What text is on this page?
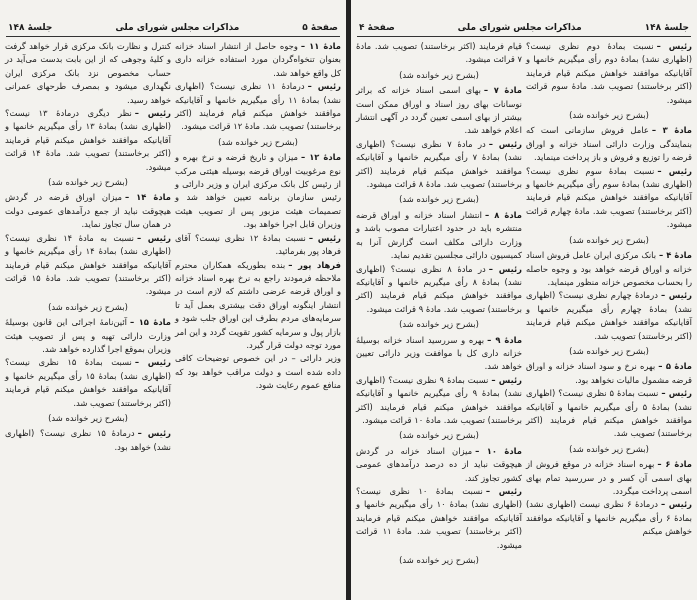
صفحهٔ ۵
مذاکرات مجلس شورای ملی
جلسهٔ ۱۴۸

مادهٔ ۱۱ –وجوه حاصل از انتشار اسناد خزانه بعنوان تنخواه‌گردان مورد استفاده خزانه داری کل واقع خواهد شد.

رئیس –درمادهٔ ۱۱ نظری نیست؟ (اظهاری نشد) بمادهٔ ۱۱ رأی میگیریم خانمها و آقایانیکه موافقند خواهش میکنم قیام فرمایند (اکثر برخاستند) تصویب شد. مادهٔ ۱۲ قرائت میشود.

(بشرح زیر خوانده شد)

مادهٔ ۱۲ –میزان و تاریخ قرضه و نرخ بهره و نوع مرغوبیت اوراق قرضه بوسیله هیئتی مرکب از رئیس کل بانک مرکزی ایران و وزیر دارائی و رئیس سازمان برنامه تعیین خواهد شد و تصمیمات هیئت مزبور پس از تصویب هیئت وزیران قابل اجرا خواهد بود.

رئیس –نسبت بمادهٔ ۱۲ نظری نیست؟ آقای فرهاد پور بفرمائید.

فرهاد پور –بنده بطوریکه همکاران محترم ملاحظه فرمودند راجع به نرخ بهره اسناد خزانه و اوراق قرضه عرضی داشتم که لازم است در انتشار اینگونه اوراق دقت بیشتری بعمل آید تا سرمایه‌های مردم بطرف این اوراق جلب شود و بازار پول و سرمایه کشور تقویت گردد و این امر مورد توجه دولت قرار گیرد.

وزیر دارائی – در این خصوص توضیحات کافی داده شده است و دولت مراقب خواهد بود که منافع عموم رعایت شود.

کنترل و نظارت بانک مرکزی قرار خواهد گرفت و کلیهٔ وجوهی که از این بابت بدست می‌آید در حساب مخصوص نزد بانک مرکزی ایران نگهداری میشود و بمصرف طرحهای عمرانی خواهد رسید.

رئیس –نظر دیگری درمادهٔ ۱۳ نیست؟ (اظهاری نشد) بمادهٔ ۱۳ رأی میگیریم خانمها و آقایانیکه موافقند خواهش میکنم قیام فرمایند (اکثر برخاستند) تصویب شد. مادهٔ ۱۴ قرائت میشود.

(بشرح زیر خوانده شد)

مادهٔ ۱۴ –میزان اوراق قرضه در گردش هیچوقت نباید از جمع درآمدهای عمومی دولت در همان سال تجاوز نماید.

رئیس –نسبت به مادهٔ ۱۴ نظری نیست؟ (اظهاری نشد) بمادهٔ ۱۴ رأی میگیریم خانمها و آقایانیکه موافقند خواهش میکنم قیام فرمایند (اکثر برخاستند) تصویب شد. مادهٔ ۱۵ قرائت میشود.

(بشرح زیر خوانده شد)

مادهٔ ۱۵ –آئین‌نامهٔ اجرائی این قانون بوسیلهٔ وزارت دارائی تهیه و پس از تصویب هیئت وزیران بموقع اجرا گذارده خواهد شد.

رئیس –نسبت بمادهٔ ۱۵ نظری نیست؟ (اظهاری نشد) بمادهٔ ۱۵ رأی میگیریم خانمها و آقایانیکه موافقند خواهش میکنم قیام فرمایند (اکثر برخاستند) تصویب شد.

(بشرح زیر خوانده شد)

رئیس –درمادهٔ ۱۵ نظری نیست؟ (اظهاری نشد) خواهد بود.

جلسهٔ ۱۴۸
مذاکرات مجلس شورای ملی
صفحهٔ ۴

رئیس –نسبت بمادهٔ دوم نظری نیست؟ (اظهاری نشد) بمادهٔ دوم رأی میگیریم خانمها و آقایانیکه موافقند خواهش میکنم قیام فرمایند (اکثر برخاستند) تصویب شد. مادهٔ سوم قرائت میشود.

(بشرح زیر خوانده شد)

مادهٔ ۳ –عامل فروش سازمانی است که بنمایندگی وزارت دارائی اسناد خزانه و اوراق قرضه را توزیع و فروش و باز پرداخت مینماید.

رئیس –نسبت بمادهٔ سوم نظری نیست؟ (اظهاری نشد) بمادهٔ سوم رأی میگیریم خانمها و آقایانیکه موافقند خواهش میکنم قیام فرمایند (اکثر برخاستند) تصویب شد. مادهٔ چهارم قرائت میشود.

(بشرح زیر خوانده شد)

مادهٔ ۴ –بانک مرکزی ایران عامل فروش اسناد خزانه و اوراق قرضه خواهد بود و وجوه حاصله را بحساب مخصوص خزانه منظور مینماید.

رئیس –درمادهٔ چهارم نظری نیست؟ (اظهاری نشد) بمادهٔ چهارم رأی میگیریم خانمها و آقایانیکه موافقند خواهش میکنم قیام فرمایند (اکثر برخاستند) تصویب شد.

(بشرح زیر خوانده شد)

مادهٔ ۵ –بهره نرخ و سود اسناد خزانه و اوراق قرضه مشمول مالیات نخواهد بود.

رئیس –نسبت بمادهٔ ۵ نظری نیست؟ (اظهاری نشد) بمادهٔ ۵ رأی میگیریم خانمها و آقایانیکه موافقند خواهش میکنم قیام فرمایند (اکثر برخاستند) تصویب شد.

(بشرح زیر خوانده شد)

مادهٔ ۶ –بهره اسناد خزانه در موقع فروش از بهای اسمی آن کسر و در سررسید تمام بهای اسمی پرداخت میگردد.

رئیس –درمادهٔ ۶ نظری نیست (اظهاری نشد) بمادهٔ ۶ رأی میگیریم خانمها و آقایانیکه موافقند خواهش میکنم

قیام فرمایند (اکثر برخاستند) تصویب شد. مادهٔ ۷ قرائت میشود.

(بشرح زیر خوانده شد)

مادهٔ ۷ –بهای اسمی اسناد خزانه که براثر نوسانات بهای روز اسناد و اوراق ممکن است بیشتر از بهای اسمی تعیین گردد در آگهی انتشار اعلام خواهد شد.

رئیس –در مادهٔ ۷ نظری نیست؟ (اظهاری نشد) بمادهٔ ۷ رأی میگیریم خانمها و آقایانیکه موافقند خواهش میکنم قیام فرمایند (اکثر برخاستند) تصویب شد. مادهٔ ۸ قرائت میشود.

(بشرح زیر خوانده شد)

مادهٔ ۸ –انتشار اسناد خزانه و اوراق قرضه منتشره باید در حدود اعتبارات مصوب باشد و وزارت دارائی مکلف است گزارش آنرا به کمیسیون دارائی مجلسین تقدیم نماید.

رئیس –در مادهٔ ۸ نظری نیست؟ (اظهاری نشد) بمادهٔ ۸ رأی میگیریم خانمها و آقایانیکه موافقند خواهش میکنم قیام فرمایند (اکثر برخاستند) تصویب شد. مادهٔ ۹ قرائت میشود.

(بشرح زیر خوانده شد)

مادهٔ ۹ –بهره و سررسید اسناد خزانه بوسیلهٔ خزانه داری کل با موافقت وزیر دارائی تعیین خواهد شد.

رئیس –نسبت بمادهٔ ۹ نظری نیست؟ (اظهاری نشد) بمادهٔ ۹ رأی میگیریم خانمها و آقایانیکه موافقند خواهش میکنم قیام فرمایند (اکثر برخاستند) تصویب شد. مادهٔ ۱۰ قرائت میشود.

(بشرح زیر خوانده شد)

مادهٔ ۱۰ –میزان اسناد خزانه در گردش هیچوقت نباید از ده درصد درآمدهای عمومی کشور تجاوز کند.

رئیس –نسبت بمادهٔ ۱۰ نظری نیست؟ (اظهاری نشد) بمادهٔ ۱۰ رأی میگیریم خانمها و آقایانیکه موافقند خواهش میکنم قیام فرمایند (اکثر برخاستند) تصویب شد. مادهٔ ۱۱ قرائت میشود.

(بشرح زیر خوانده شد)
